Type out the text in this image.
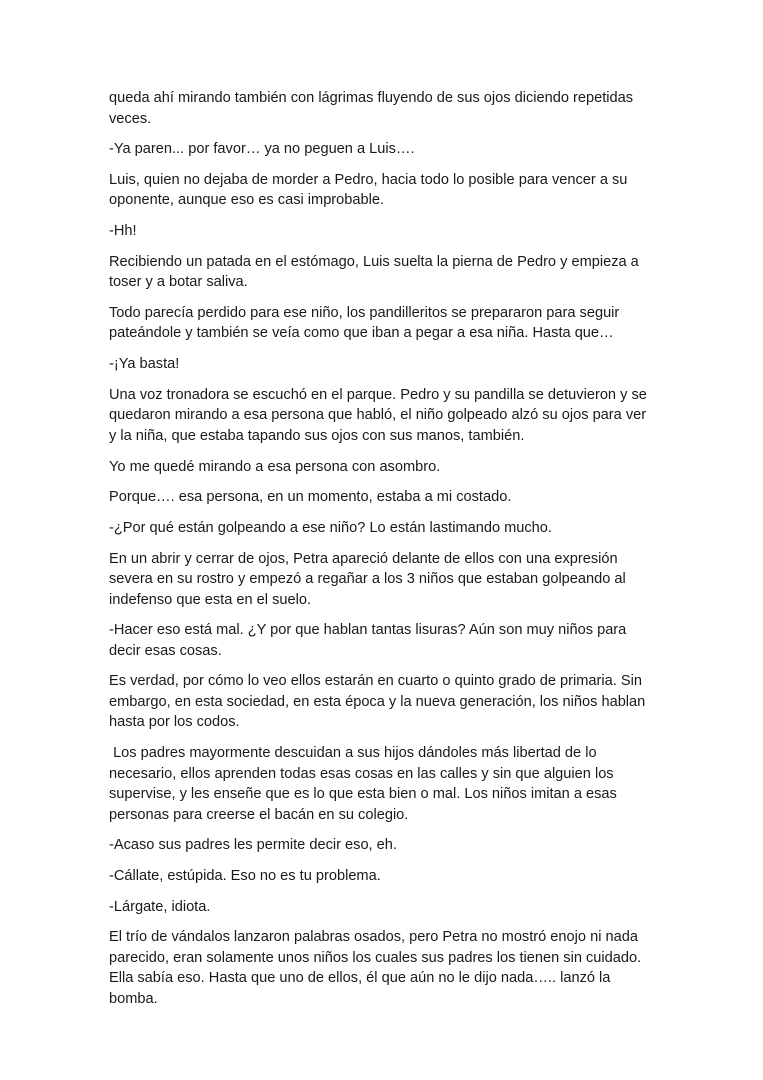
queda ahí mirando también con lágrimas fluyendo de sus ojos diciendo repetidas veces.

-Ya paren... por favor… ya no peguen a Luis….

Luis, quien no dejaba de morder a Pedro, hacia todo lo posible para vencer a su oponente, aunque eso es casi improbable.

-Hh!

Recibiendo un patada en el estómago, Luis suelta la pierna de Pedro y empieza a toser y a botar saliva.

Todo parecía perdido para ese niño, los pandilleritos se prepararon para seguir pateándole y también se veía como que iban a pegar a esa niña. Hasta que…

-¡Ya basta!

Una voz tronadora se escuchó en el parque. Pedro y su pandilla se detuvieron y se quedaron mirando a esa persona que habló, el niño golpeado alzó su ojos para ver y la niña, que estaba tapando sus ojos con sus manos, también.

Yo me quedé mirando a esa persona con asombro.

Porque…. esa persona, en un momento, estaba a mi costado.

-¿Por qué están golpeando a ese niño? Lo están lastimando mucho.

En un abrir y cerrar de ojos, Petra apareció delante de ellos con una expresión severa en su rostro y empezó a regañar a los 3 niños que estaban golpeando al indefenso que esta en el suelo.

-Hacer eso está mal. ¿Y por que hablan tantas lisuras? Aún son muy niños para decir esas cosas.

Es verdad, por cómo lo veo ellos estarán en cuarto o quinto grado de primaria. Sin embargo, en esta sociedad, en esta época y la nueva generación, los niños hablan hasta por los codos.

Los padres mayormente descuidan a sus hijos dándoles más libertad de lo necesario, ellos aprenden todas esas cosas en las calles y sin que alguien los supervise, y les enseñe que es lo que esta bien o mal. Los niños imitan a esas personas para creerse el bacán en su colegio.

-Acaso sus padres les permite decir eso, eh.

-Cállate, estúpida. Eso no es tu problema.

-Lárgate, idiota.

El trío de vándalos lanzaron palabras osados, pero Petra no mostró enojo ni nada parecido, eran solamente unos niños los cuales sus padres los tienen sin cuidado. Ella sabía eso. Hasta que uno de ellos, él que aún no le dijo nada….. lanzó la bomba.
